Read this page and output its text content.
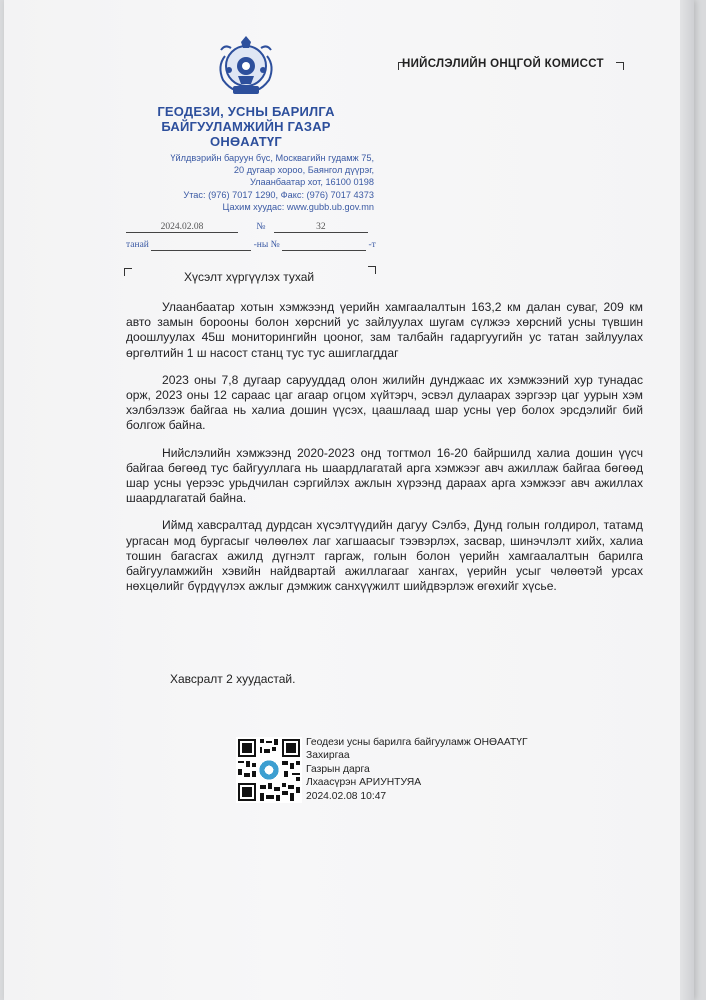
ГЕОДЕЗИ, УСНЫ БАРИЛГА
БАЙГУУЛАМЖИЙН ГАЗАР
ОНӨААТҮГ
Үйлдвэрийн баруун бүс, Москвагийн гудамж 75,
20 дугаар хороо, Баянгол дүүрэг,
Улаанбаатар хот, 16100 0198
Утас: (976) 7017 1290, Факс: (976) 7017 4373
Цахим хуудас: www.gubb.ub.gov.mn
НИЙСЛЭЛИЙН ОНЦГОЙ КОМИССТ
2024.02.08	№	32
танай	-ны №	-т
Хүсэлт хүргүүлэх тухай

Улаанбаатар хотын хэмжээнд үерийн хамгаалалтын 163,2 км далан суваг, 209 км авто замын борооны болон хөрсний ус зайлуулах шугам сүлжээ хөрсний усны түвшин доошлуулах 45ш мониторингийн цооног, зам талбайн гадаргуугийн ус татан зайлуулах өргөлтийн 1 ш насост станц тус тус ашиглагддаг

2023 оны 7,8 дугаар сарууддад олон жилийн дунджаас их хэмжээний хур тунадас орж, 2023 оны 12 сараас цаг агаар огцом хүйтэрч, эсвэл дулаарах зэргээр цаг уурын хэм хэлбэлзэж байгаа нь халиа дошин үүсэх, цаашлаад шар усны үер болох эрсдэлийг бий болгож байна.

Нийслэлийн хэмжээнд 2020-2023 онд тогтмол 16-20 байршилд халиа дошин үүсч байгаа бөгөөд тус байгууллага нь шаардлагатай арга хэмжээг авч ажиллаж байгаа бөгөөд шар усны үерээс урьдчилан сэргийлэх ажлын хүрээнд дараах арга хэмжээг авч ажиллах шаардлагатай байна.

Иймд хавсралтад дурдсан хүсэлтүүдийн дагуу Сэлбэ, Дунд голын голдирол, татамд ургасан мод бургасыг чөлөөлөх лаг хагшаасыг тээвэрлэх, засвар, шинэчлэлт хийх, халиа тошин багасгах ажилд дүгнэлт гаргаж, голын болон үерийн хамгаалалтын барилга байгууламжийн хэвийн найдвартай ажиллагааг хангах, үерийн усыг чөлөөтэй урсах нөхцөлийг бүрдүүлэх ажлыг дэмжиж санхүүжилт шийдвэрлэж өгөхийг хүсье.

Хавсралт 2 хуудастай.
Геодези усны барилга байгууламж ОНӨААТҮГ
Захиргаа
Газрын дарга
Лхаасүрэн АРИУНТУЯА
2024.02.08 10:47
